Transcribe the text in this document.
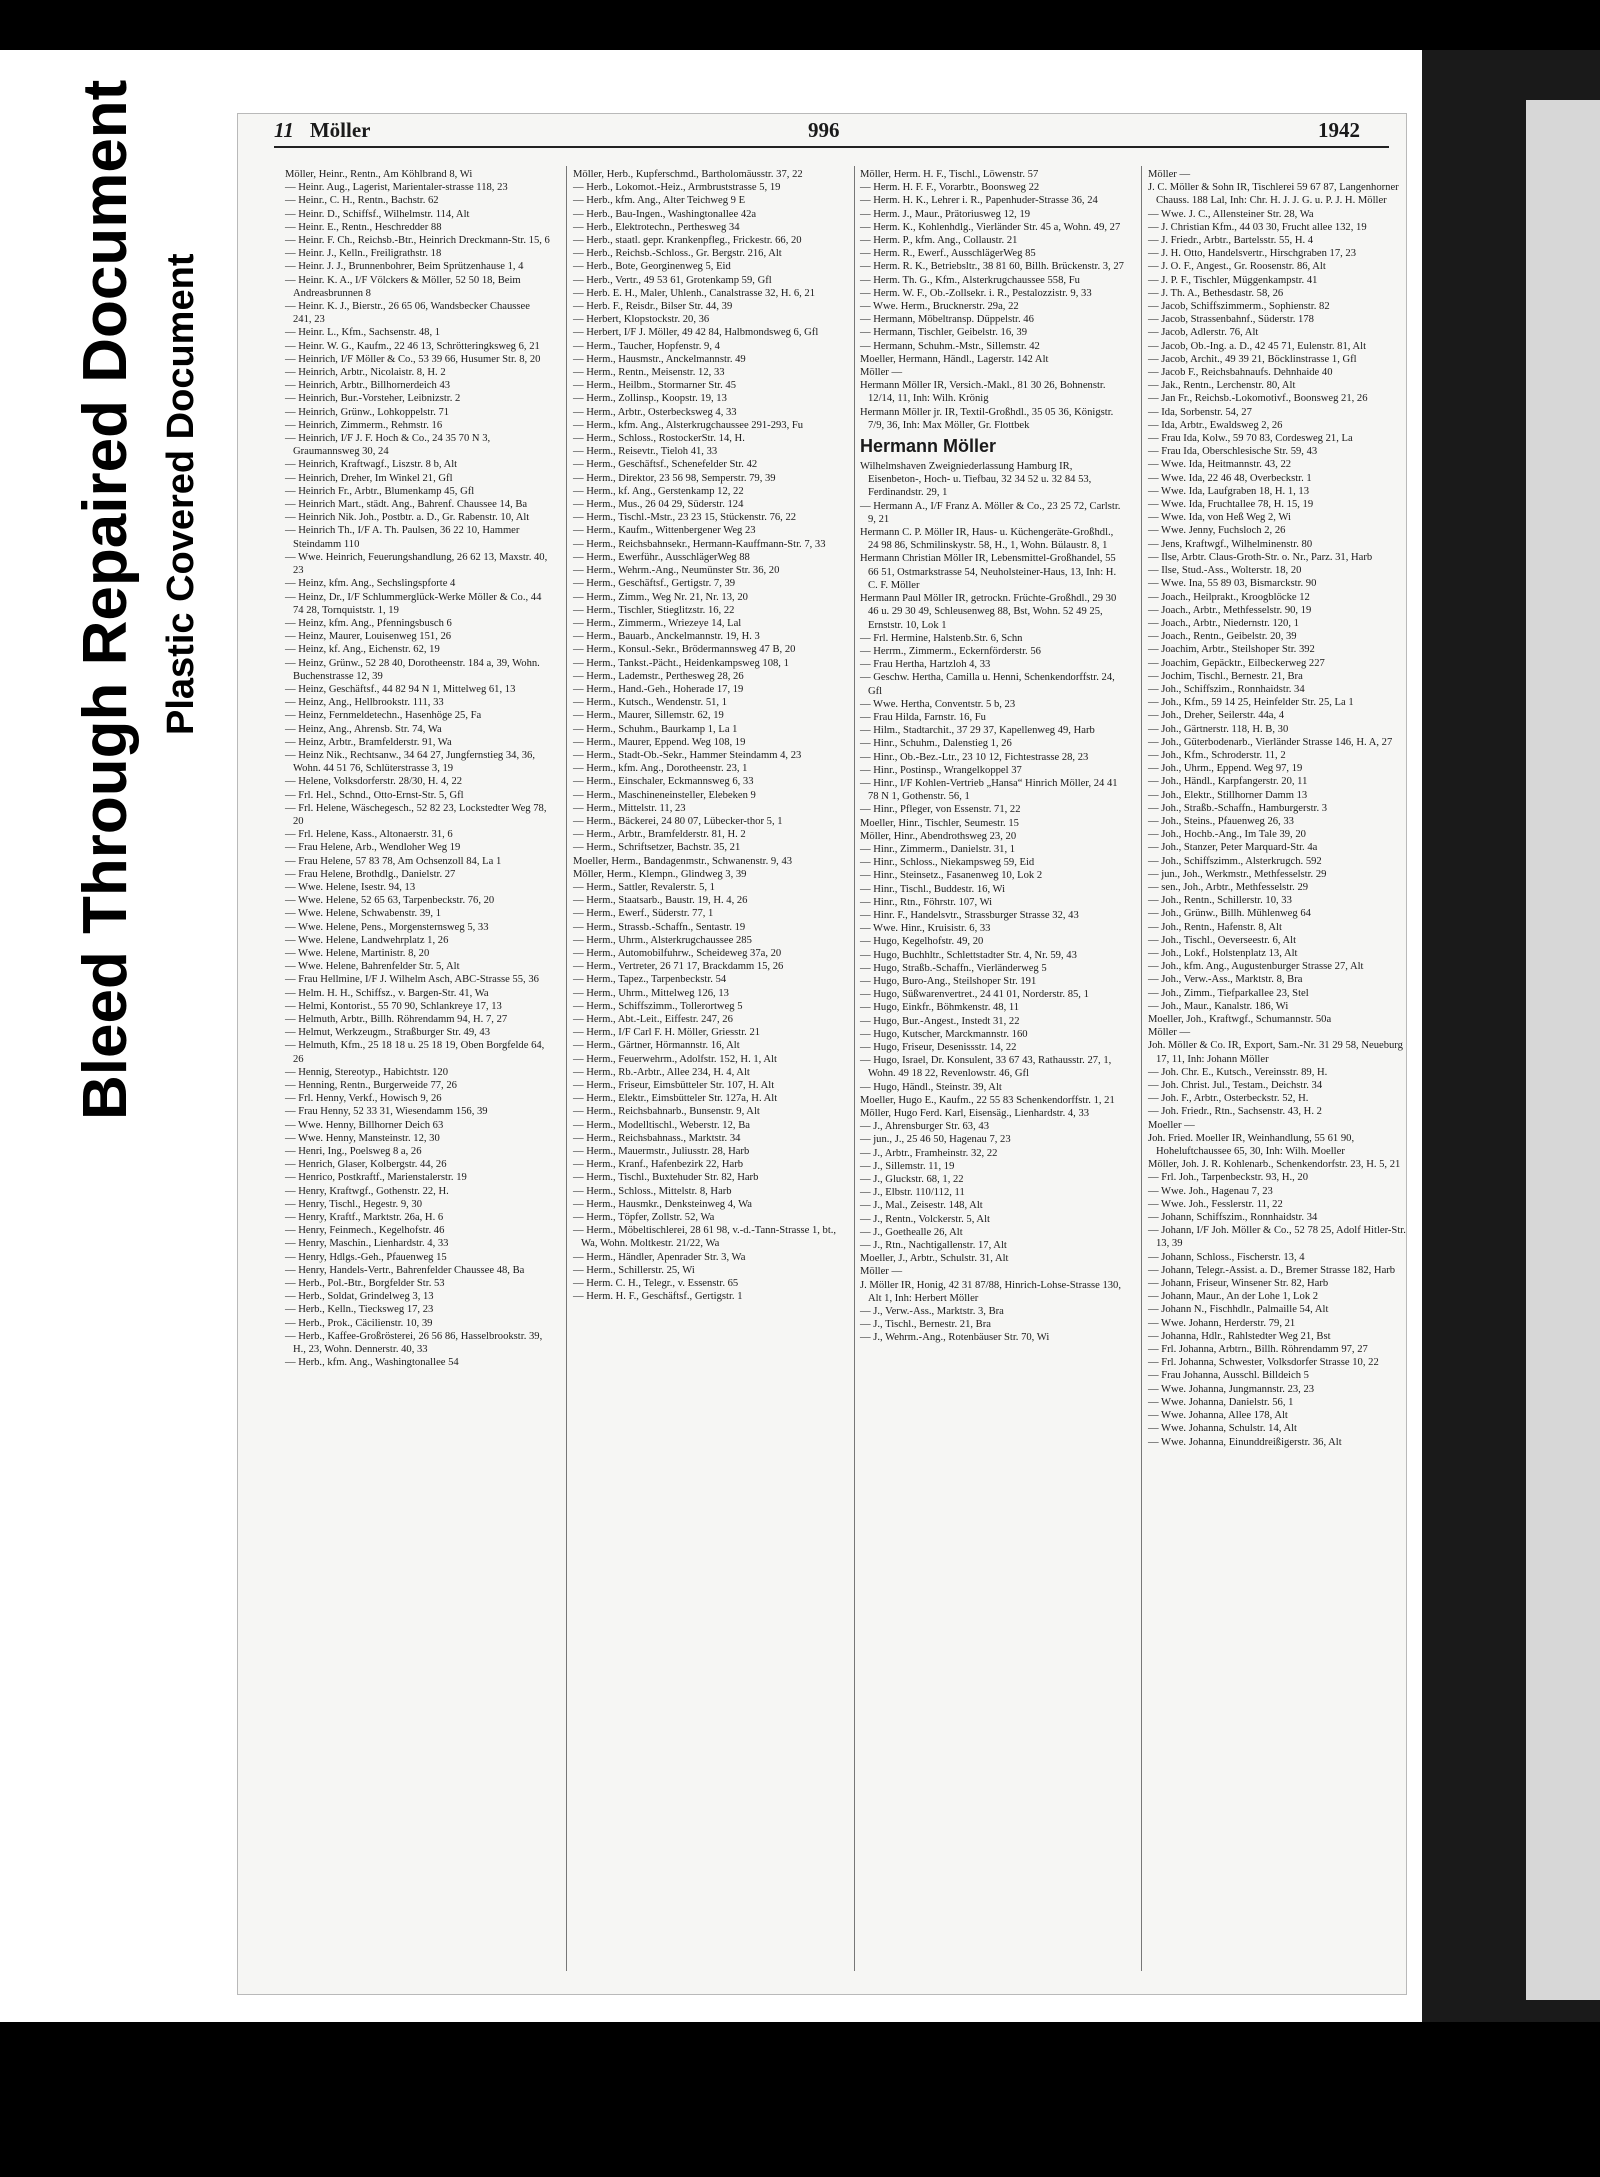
Bleed Through Repaired Document Plastic Covered Document
11 Möller	996	1942

Möller, Heinr., Rentn., Am Köhlbrand 8, Wi

— Heinr. Aug., Lagerist, Marientaler-strasse 118, 23

— Heinr., C. H., Rentn., Bachstr. 62

— Heinr. D., Schiffsf., Wilhelmstr. 114, Alt

— Heinr. E., Rentn., Heschredder 88

— Heinr. F. Ch., Reichsb.-Btr., Heinrich Dreckmann-Str. 15, 6

— Heinr. J., Kelln., Freiligrathstr. 18

— Heinr. J. J., Brunnenbohrer, Beim Sprützenhause 1, 4

— Heinr. K. A., I/F Völckers & Möller, 52 50 18, Beim Andreasbrunnen 8

— Heinr. K. J., Bierstr., 26 65 06, Wandsbecker Chaussee 241, 23

— Heinr. L., Kfm., Sachsenstr. 48, 1

— Heinr. W. G., Kaufm., 22 46 13, Schrötteringksweg 6, 21

— Heinrich, I/F Möller & Co., 53 39 66, Husumer Str. 8, 20

— Heinrich, Arbtr., Nicolaistr. 8, H. 2

— Heinrich, Arbtr., Billhornerdeich 43

— Heinrich, Bur.-Vorsteher, Leibnizstr. 2

— Heinrich, Grünw., Lohkoppelstr. 71

— Heinrich, Zimmerm., Rehmstr. 16

— Heinrich, I/F J. F. Hoch & Co., 24 35 70 N 3, Graumannsweg 30, 24

— Heinrich, Kraftwagf., Liszstr. 8 b, Alt

— Heinrich, Dreher, Im Winkel 21, Gfl

— Heinrich Fr., Arbtr., Blumenkamp 45, Gfl

— Heinrich Mart., städt. Ang., Bahrenf. Chaussee 14, Ba

— Heinrich Nik. Joh., Postbtr. a. D., Gr. Rabenstr. 10, Alt

— Heinrich Th., I/F A. Th. Paulsen, 36 22 10, Hammer Steindamm 110

— Wwe. Heinrich, Feuerungshandlung, 26 62 13, Maxstr. 40, 23

— Heinz, kfm. Ang., Sechslingspforte 4

— Heinz, Dr., I/F Schlummerglück-Werke Möller & Co., 44 74 28, Tornquiststr. 1, 19

— Heinz, kfm. Ang., Pfenningsbusch 6

— Heinz, Maurer, Louisenweg 151, 26

— Heinz, kf. Ang., Eichenstr. 62, 19

— Heinz, Grünw., 52 28 40, Dorotheenstr. 184 a, 39, Wohn. Buchenstrasse 12, 39

— Heinz, Geschäftsf., 44 82 94 N 1, Mittelweg 61, 13

— Heinz, Ang., Hellbrookstr. 111, 33

— Heinz, Fernmeldetechn., Hasenhöge 25, Fa

— Heinz, Ang., Ahrensb. Str. 74, Wa

— Heinz, Arbtr., Bramfelderstr. 91, Wa

— Heinz Nik., Rechtsanw., 34 64 27, Jungfernstieg 34, 36, Wohn. 44 51 76, Schlüterstrasse 3, 19

— Helene, Volksdorferstr. 28/30, H. 4, 22

— Frl. Hel., Schnd., Otto-Ernst-Str. 5, Gfl

— Frl. Helene, Wäschegesch., 52 82 23, Lockstedter Weg 78, 20

— Frl. Helene, Kass., Altonaerstr. 31, 6

— Frau Helene, Arb., Wendloher Weg 19

— Frau Helene, 57 83 78, Am Ochsenzoll 84, La 1

— Frau Helene, Brothdlg., Danielstr. 27

— Wwe. Helene, Isestr. 94, 13

— Wwe. Helene, 52 65 63, Tarpenbeckstr. 76, 20

— Wwe. Helene, Schwabenstr. 39, 1

— Wwe. Helene, Pens., Morgensternsweg 5, 33

— Wwe. Helene, Landwehrplatz 1, 26

— Wwe. Helene, Martinistr. 8, 20

— Wwe. Helene, Bahrenfelder Str. 5, Alt

— Frau Hellmine, I/F J. Wilhelm Asch, ABC-Strasse 55, 36

— Helm. H. H., Schiffsz., v. Bargen-Str. 41, Wa

— Helmi, Kontorist., 55 70 90, Schlankreye 17, 13

— Helmuth, Arbtr., Billh. Röhrendamm 94, H. 7, 27

— Helmut, Werkzeugm., Straßburger Str. 49, 43

— Helmuth, Kfm., 25 18 18 u. 25 18 19, Oben Borgfelde 64, 26

— Hennig, Stereotyp., Habichtstr. 120

— Henning, Rentn., Burgerweide 77, 26

— Frl. Henny, Verkf., Howisch 9, 26

— Frau Henny, 52 33 31, Wiesendamm 156, 39

— Wwe. Henny, Billhorner Deich 63

— Wwe. Henny, Mansteinstr. 12, 30

— Henri, Ing., Poelsweg 8 a, 26

— Henrich, Glaser, Kolbergstr. 44, 26

— Henrico, Postkraftf., Marienstalerstr. 19

— Henry, Kraftwgf., Gothenstr. 22, H.

— Henry, Tischl., Hegestr. 9, 30

— Henry, Kraftf., Marktstr. 26a, H. 6

— Henry, Feinmech., Kegelhofstr. 46

— Henry, Maschin., Lienhardstr. 4, 33

— Henry, Hdlgs.-Geh., Pfauenweg 15

— Henry, Handels-Vertr., Bahrenfelder Chaussee 48, Ba

— Herb., Pol.-Btr., Borgfelder Str. 53

— Herb., Soldat, Grindelweg 3, 13

— Herb., Kelln., Tiecksweg 17, 23

— Herb., Prok., Cäcilienstr. 10, 39

— Herb., Kaffee-Großrösterei, 26 56 86, Hasselbrookstr. 39, H., 23, Wohn. Dennerstr. 40, 33

— Herb., kfm. Ang., Washingtonallee 54

Möller, Herb., Kupferschmd., Bartholomäusstr. 37, 22

— Herb., Lokomot.-Heiz., Armbruststrasse 5, 19

— Herb., kfm. Ang., Alter Teichweg 9 E

— Herb., Bau-Ingen., Washingtonallee 42a

— Herb., Elektrotechn., Perthesweg 34

— Herb., staatl. gepr. Krankenpfleg., Frickestr. 66, 20

— Herb., Reichsb.-Schloss., Gr. Bergstr. 216, Alt

— Herb., Bote, Georginenweg 5, Eid

— Herb., Vertr., 49 53 61, Grotenkamp 59, Gfl

— Herb. E. H., Maler, Uhlenh., Canalstrasse 32, H. 6, 21

— Herb. F., Reisdr., Bilser Str. 44, 39

— Herbert, Klopstockstr. 20, 36

— Herbert, I/F J. Möller, 49 42 84, Halbmondsweg 6, Gfl

— Herm., Taucher, Hopfenstr. 9, 4

— Herm., Hausmstr., Anckelmannstr. 49

— Herm., Rentn., Meisenstr. 12, 33

— Herm., Heilbm., Stormarner Str. 45

— Herm., Zollinsp., Koopstr. 19, 13

— Herm., Arbtr., Osterbecksweg 4, 33

— Herm., kfm. Ang., Alsterkrugchaussee 291-293, Fu

— Herm., Schloss., RostockerStr. 14, H.

— Herm., Reisevtr., Tieloh 41, 33

— Herm., Geschäftsf., Schenefelder Str. 42

— Herm., Direktor, 23 56 98, Semperstr. 79, 39

— Herm., kf. Ang., Gerstenkamp 12, 22

— Herm., Mus., 26 04 29, Süderstr. 124

— Herm., Tischl.-Mstr., 23 23 15, Stückenstr. 76, 22

— Herm., Kaufm., Wittenbergener Weg 23

— Herm., Reichsbahnsekr., Hermann-Kauffmann-Str. 7, 33

— Herm., Ewerführ., AusschlägerWeg 88

— Herm., Wehrm.-Ang., Neumünster Str. 36, 20

— Herm., Geschäftsf., Gertigstr. 7, 39

— Herm., Zimm., Weg Nr. 21, Nr. 13, 20

— Herm., Tischler, Stieglitzstr. 16, 22

— Herm., Zimmerm., Wriezeye 14, Lal

— Herm., Bauarb., Anckelmannstr. 19, H. 3

— Herm., Konsul.-Sekr., Brödermannsweg 47 B, 20

— Herm., Tankst.-Pächt., Heidenkampsweg 108, 1

— Herm., Lademstr., Perthesweg 28, 26

— Herm., Hand.-Geh., Hoherade 17, 19

— Herm., Kutsch., Wendenstr. 51, 1

— Herm., Maurer, Sillemstr. 62, 19

— Herm., Schuhm., Baurkamp 1, La 1

— Herm., Maurer, Eppend. Weg 108, 19

— Herm., Stadt-Ob.-Sekr., Hammer Steindamm 4, 23

— Herm., kfm. Ang., Dorotheenstr. 23, 1

— Herm., Einschaler, Eckmannsweg 6, 33

— Herm., Maschineneinsteller, Elebeken 9

— Herm., Mittelstr. 11, 23

— Herm., Bäckerei, 24 80 07, Lübecker-thor 5, 1

— Herm., Arbtr., Bramfelderstr. 81, H. 2

— Herm., Schriftsetzer, Bachstr. 35, 21

Moeller, Herm., Bandagenmstr., Schwanenstr. 9, 43

Möller, Herm., Klempn., Glindweg 3, 39

— Herm., Sattler, Revalerstr. 5, 1

— Herm., Staatsarb., Baustr. 19, H. 4, 26

— Herm., Ewerf., Süderstr. 77, 1

— Herm., Strassb.-Schaffn., Sentastr. 19

— Herm., Uhrm., Alsterkrugchaussee 285

— Herm., Automobilfuhrw., Scheideweg 37a, 20

— Herm., Vertreter, 26 71 17, Brackdamm 15, 26

— Herm., Tapez., Tarpenbeckstr. 54

— Herm., Uhrm., Mittelweg 126, 13

— Herm., Schiffszimm., Tollerortweg 5

— Herm., Abt.-Leit., Eiffestr. 247, 26

— Herm., I/F Carl F. H. Möller, Griesstr. 21

— Herm., Gärtner, Hörmannstr. 16, Alt

— Herm., Feuerwehrm., Adolfstr. 152, H. 1, Alt

— Herm., Rb.-Arbtr., Allee 234, H. 4, Alt

— Herm., Friseur, Eimsbütteler Str. 107, H. Alt

— Herm., Elektr., Eimsbütteler Str. 127a, H. Alt

— Herm., Reichsbahnarb., Bunsenstr. 9, Alt

— Herm., Modelltischl., Weberstr. 12, Ba

— Herm., Reichsbahnass., Marktstr. 34

— Herm., Mauermstr., Juliusstr. 28, Harb

— Herm., Kranf., Hafenbezirk 22, Harb

— Herm., Tischl., Buxtehuder Str. 82, Harb

— Herm., Schloss., Mittelstr. 8, Harb

— Herm., Hausmkr., Denksteinweg 4, Wa

— Herm., Töpfer, Zollstr. 52, Wa

— Herm., Möbeltischlerei, 28 61 98, v.-d.-Tann-Strasse 1, bt., Wa, Wohn. Moltkestr. 21/22, Wa

— Herm., Händler, Apenrader Str. 3, Wa

— Herm., Schillerstr. 25, Wi

— Herm. C. H., Telegr., v. Essenstr. 65

— Herm. H. F., Geschäftsf., Gertigstr. 1

Möller, Herm. H. F., Tischl., Löwenstr. 57

— Herm. H. F. F., Vorarbtr., Boonsweg 22

— Herm. H. K., Lehrer i. R., Papenhuder-Strasse 36, 24

— Herm. J., Maur., Prätoriusweg 12, 19

— Herm. K., Kohlenhdlg., Vierländer Str. 45 a, Wohn. 49, 27

— Herm. P., kfm. Ang., Collaustr. 21

— Herm. R., Ewerf., AusschlägerWeg 85

— Herm. R. K., Betriebsltr., 38 81 60, Billh. Brückenstr. 3, 27

— Herm. Th. G., Kfm., Alsterkrugchaussee 558, Fu

— Herm. W. F., Ob.-Zollsekr. i. R., Pestalozzistr. 9, 33

— Wwe. Herm., Brucknerstr. 29a, 22

— Hermann, Möbeltransp. Düppelstr. 46

— Hermann, Tischler, Geibelstr. 16, 39

— Hermann, Schuhm.-Mstr., Sillemstr. 42

Moeller, Hermann, Händl., Lagerstr. 142 Alt

Möller —

Hermann Möller IR, Versich.-Makl., 81 30 26, Bohnenstr. 12/14, 11, Inh: Wilh. Krönig

Hermann Möller jr. IR, Textil-Großhdl., 35 05 36, Königstr. 7/9, 36, Inh: Max Möller, Gr. Flottbek

Hermann Möller

Wilhelmshaven Zweigniederlassung Hamburg IR, Eisenbeton-, Hoch- u. Tiefbau, 32 34 52 u. 32 84 53, Ferdinandstr. 29, 1

— Hermann A., I/F Franz A. Möller & Co., 23 25 72, Carlstr. 9, 21

Hermann C. P. Möller IR, Haus- u. Küchengeräte-Großhdl., 24 98 86, Schmilinskystr. 58, H., 1, Wohn. Bülaustr. 8, 1

Hermann Christian Möller IR, Lebensmittel-Großhandel, 55 66 51, Ostmarkstrasse 54, Neuholsteiner-Haus, 13, Inh: H. C. F. Möller

Hermann Paul Möller IR, getrockn. Früchte-Großhdl., 29 30 46 u. 29 30 49, Schleusenweg 88, Bst, Wohn. 52 49 25, Ernststr. 10, Lok 1

— Frl. Hermine, Halstenb.Str. 6, Schn

— Herrm., Zimmerm., Eckernförderstr. 56

— Frau Hertha, Hartzloh 4, 33

— Geschw. Hertha, Camilla u. Henni, Schenkendorffstr. 24, Gfl

— Wwe. Hertha, Conventstr. 5 b, 23

— Frau Hilda, Farnstr. 16, Fu

— Hilm., Stadtarchit., 37 29 37, Kapellenweg 49, Harb

— Hinr., Schuhm., Dalenstieg 1, 26

— Hinr., Ob.-Bez.-Ltr., 23 10 12, Fichtestrasse 28, 23

— Hinr., Postinsp., Wrangelkoppel 37

— Hinr., I/F Kohlen-Vertrieb „Hansa“ Hinrich Möller, 24 41 78 N 1, Gothenstr. 56, 1

— Hinr., Pfleger, von Essenstr. 71, 22

Moeller, Hinr., Tischler, Seumestr. 15

Möller, Hinr., Abendrothsweg 23, 20

— Hinr., Zimmerm., Danielstr. 31, 1

— Hinr., Schloss., Niekampsweg 59, Eid

— Hinr., Steinsetz., Fasanenweg 10, Lok 2

— Hinr., Tischl., Buddestr. 16, Wi

— Hinr., Rtn., Föhrstr. 107, Wi

— Hinr. F., Handelsvtr., Strassburger Strasse 32, 43

— Wwe. Hinr., Kruisistr. 6, 33

— Hugo, Kegelhofstr. 49, 20

— Hugo, Buchhltr., Schlettstadter Str. 4, Nr. 59, 43

— Hugo, Straßb.-Schaffn., Vierländerweg 5

— Hugo, Buro-Ang., Steilshoper Str. 191

— Hugo, Süßwarenvertret., 24 41 01, Norderstr. 85, 1

— Hugo, Einkfr., Böhmkenstr. 48, 11

— Hugo, Bur.-Angest., Instedt 31, 22

— Hugo, Kutscher, Marckmannstr. 160

— Hugo, Friseur, Desenissstr. 14, 22

— Hugo, Israel, Dr. Konsulent, 33 67 43, Rathausstr. 27, 1, Wohn. 49 18 22, Revenlowstr. 46, Gfl

— Hugo, Händl., Steinstr. 39, Alt

Moeller, Hugo E., Kaufm., 22 55 83 Schenkendorffstr. 1, 21

Möller, Hugo Ferd. Karl, Eisensäg., Lienhardstr. 4, 33

— J., Ahrensburger Str. 63, 43

— jun., J., 25 46 50, Hagenau 7, 23

— J., Arbtr., Framheinstr. 32, 22

— J., Sillemstr. 11, 19

— J., Gluckstr. 68, 1, 22

— J., Elbstr. 110/112, 11

— J., Mal., Zeisestr. 148, Alt

— J., Rentn., Volckerstr. 5, Alt

— J., Goethealle 26, Alt

— J., Rtn., Nachtigallenstr. 17, Alt

Moeller, J., Arbtr., Schulstr. 31, Alt

Möller —

J. Möller IR, Honig, 42 31 87/88, Hinrich-Lohse-Strasse 130, Alt 1, Inh: Herbert Möller

— J., Verw.-Ass., Marktstr. 3, Bra

— J., Tischl., Bernestr. 21, Bra

— J., Wehrm.-Ang., Rotenbäuser Str. 70, Wi

Möller —

J. C. Möller & Sohn IR, Tischlerei 59 67 87, Langenhorner Chauss. 188 Lal, Inh: Chr. H. J. J. G. u. P. J. H. Möller

— Wwe. J. C., Allensteiner Str. 28, Wa

— J. Christian Kfm., 44 03 30, Frucht allee 132, 19

— J. Friedr., Arbtr., Bartelsstr. 55, H. 4

— J. H. Otto, Handelsvertr., Hirschgraben 17, 23

— J. O. F., Angest., Gr. Roosenstr. 86, Alt

— J. P. F., Tischler, Müggenkampstr. 41

— J. Th. A., Bethesdastr. 58, 26

— Jacob, Schiffszimmerm., Sophienstr. 82

— Jacob, Strassenbahnf., Süderstr. 178

— Jacob, Adlerstr. 76, Alt

— Jacob, Ob.-Ing. a. D., 42 45 71, Eulenstr. 81, Alt

— Jacob, Archit., 49 39 21, Böcklinstrasse 1, Gfl

— Jacob F., Reichsbahnaufs. Dehnhaide 40

— Jak., Rentn., Lerchenstr. 80, Alt

— Jan Fr., Reichsb.-Lokomotivf., Boonsweg 21, 26

— Ida, Sorbenstr. 54, 27

— Ida, Arbtr., Ewaldsweg 2, 26

— Frau Ida, Kolw., 59 70 83, Cordesweg 21, La

— Frau Ida, Oberschlesische Str. 59, 43

— Wwe. Ida, Heitmannstr. 43, 22

— Wwe. Ida, 22 46 48, Overbeckstr. 1

— Wwe. Ida, Laufgraben 18, H. 1, 13

— Wwe. Ida, Fruchtallee 78, H. 15, 19

— Wwe. Ida, von Heß Weg 2, Wi

— Wwe. Jenny, Fuchsloch 2, 26

— Jens, Kraftwgf., Wilhelminenstr. 80

— Ilse, Arbtr. Claus-Groth-Str. o. Nr., Parz. 31, Harb

— Ilse, Stud.-Ass., Wolterstr. 18, 20

— Wwe. Ina, 55 89 03, Bismarckstr. 90

— Joach., Heilprakt., Kroogblöcke 12

— Joach., Arbtr., Methfesselstr. 90, 19

— Joach., Arbtr., Niedernstr. 120, 1

— Joach., Rentn., Geibelstr. 20, 39

— Joachim, Arbtr., Steilshoper Str. 392

— Joachim, Gepäcktr., Eilbeckerweg 227

— Jochim, Tischl., Bernestr. 21, Bra

— Joh., Schiffszim., Ronnhaidstr. 34

— Joh., Kfm., 59 14 25, Heinfelder Str. 25, La 1

— Joh., Dreher, Seilerstr. 44a, 4

— Joh., Gärtnerstr. 118, H. B, 30

— Joh., Güterbodenarb., Vierländer Strasse 146, H. A, 27

— Joh., Kfm., Schroderstr. 11, 2

— Joh., Uhrm., Eppend. Weg 97, 19

— Joh., Händl., Karpfangerstr. 20, 11

— Joh., Elektr., Stillhorner Damm 13

— Joh., Straßb.-Schaffn., Hamburgerstr. 3

— Joh., Steins., Pfauenweg 26, 33

— Joh., Hochb.-Ang., Im Tale 39, 20

— Joh., Stanzer, Peter Marquard-Str. 4a

— Joh., Schiffszimm., Alsterkrugch. 592

— jun., Joh., Werkmstr., Methfesselstr. 29

— sen., Joh., Arbtr., Methfesselstr. 29

— Joh., Rentn., Schillerstr. 10, 33

— Joh., Grünw., Billh. Mühlenweg 64

— Joh., Rentn., Hafenstr. 8, Alt

— Joh., Tischl., Oeverseestr. 6, Alt

— Joh., Lokf., Holstenplatz 13, Alt

— Joh., kfm. Ang., Augustenburger Strasse 27, Alt

— Joh., Verw.-Ass., Marktstr. 8, Bra

— Joh., Zimm., Tiefparkallee 23, Stel

— Joh., Maur., Kanalstr. 186, Wi

Moeller, Joh., Kraftwgf., Schumannstr. 50a

Möller —

Joh. Möller & Co. IR, Export, Sam.-Nr. 31 29 58, Neueburg 17, 11, Inh: Johann Möller

— Joh. Chr. E., Kutsch., Vereinsstr. 89, H.

— Joh. Christ. Jul., Testam., Deichstr. 34

— Joh. F., Arbtr., Osterbeckstr. 52, H.

— Joh. Friedr., Rtn., Sachsenstr. 43, H. 2

Moeller —

Joh. Fried. Moeller IR, Weinhandlung, 55 61 90, Hoheluftchaussee 65, 30, Inh: Wilh. Moeller

Möller, Joh. J. R. Kohlenarb., Schenkendorfstr. 23, H. 5, 21

— Frl. Joh., Tarpenbeckstr. 93, H., 20

— Wwe. Joh., Hagenau 7, 23

— Wwe. Joh., Fesslerstr. 11, 22

— Johann, Schiffszim., Ronnhaidstr. 34

— Johann, I/F Joh. Möller & Co., 52 78 25, Adolf Hitler-Str. 13, 39

— Johann, Schloss., Fischerstr. 13, 4

— Johann, Telegr.-Assist. a. D., Bremer Strasse 182, Harb

— Johann, Friseur, Winsener Str. 82, Harb

— Johann, Maur., An der Lohe 1, Lok 2

— Johann N., Fischhdlr., Palmaille 54, Alt

— Wwe. Johann, Herderstr. 79, 21

— Johanna, Hdlr., Rahlstedter Weg 21, Bst

— Frl. Johanna, Arbtrn., Billh. Röhrendamm 97, 27

— Frl. Johanna, Schwester, Volksdorfer Strasse 10, 22

— Frau Johanna, Ausschl. Billdeich 5

— Wwe. Johanna, Jungmannstr. 23, 23

— Wwe. Johanna, Danielstr. 56, 1

— Wwe. Johanna, Allee 178, Alt

— Wwe. Johanna, Schulstr. 14, Alt

— Wwe. Johanna, Einunddreißigerstr. 36, Alt
